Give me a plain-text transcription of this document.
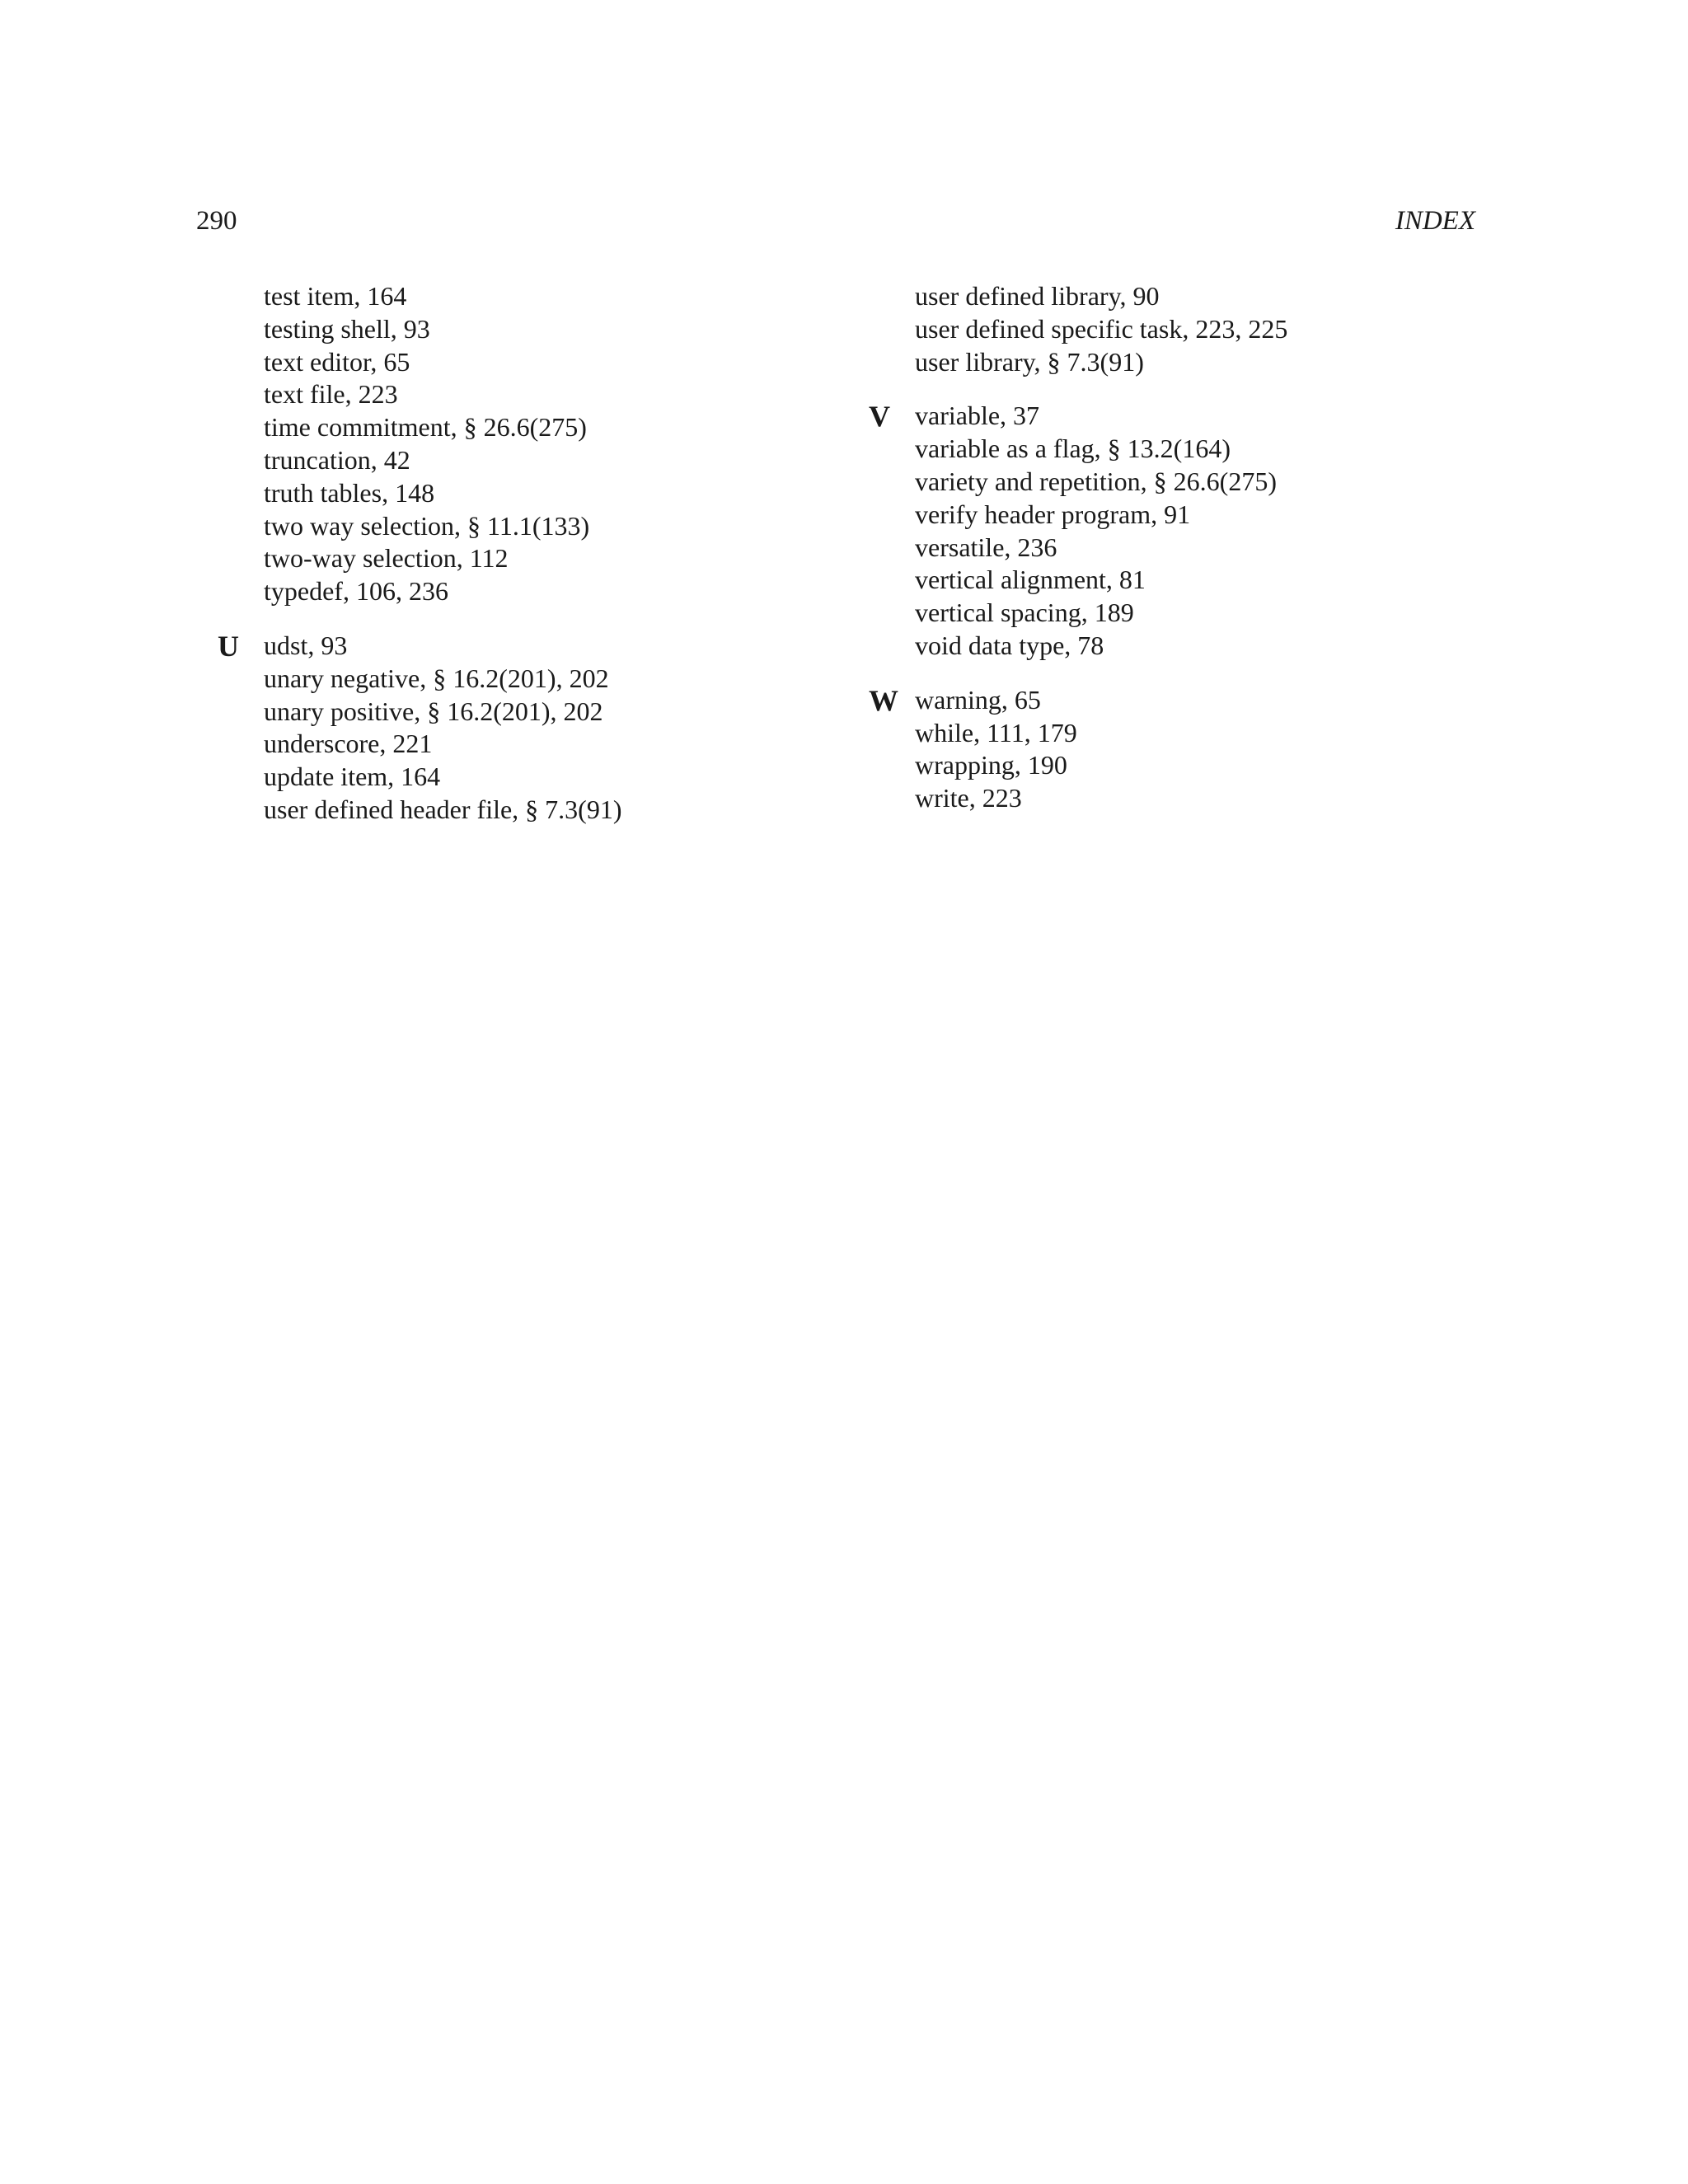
290	INDEX
test item, 164
testing shell, 93
text editor, 65
text file, 223
time commitment, § 26.6(275)
truncation, 42
truth tables, 148
two way selection, § 11.1(133)
two-way selection, 112
typedef, 106, 236
U udst, 93
unary negative, § 16.2(201), 202
unary positive, § 16.2(201), 202
underscore, 221
update item, 164
user defined header file, § 7.3(91)
user defined library, 90
user defined specific task, 223, 225
user library, § 7.3(91)
V variable, 37
variable as a flag, § 13.2(164)
variety and repetition, § 26.6(275)
verify header program, 91
versatile, 236
vertical alignment, 81
vertical spacing, 189
void data type, 78
W warning, 65
while, 111, 179
wrapping, 190
write, 223
